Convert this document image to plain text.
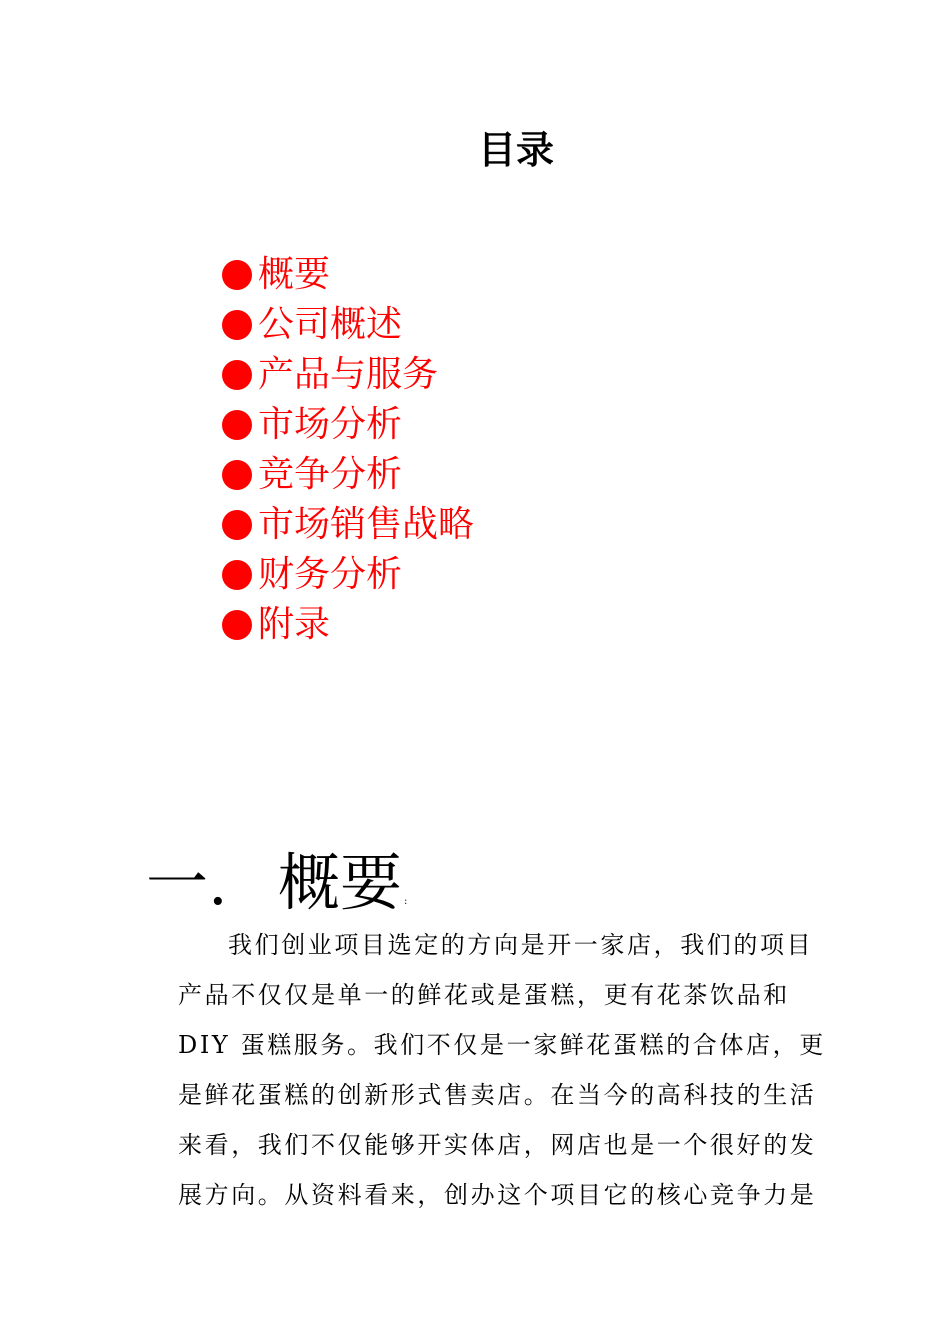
目录
概要
公司概述
产品与服务
市场分析
竞争分析
市场销售战略
财务分析
附录
一. 概要 :
我们创业项目选定的方向是开一家店，我们的项目
产品不仅仅是单一的鲜花或是蛋糕，更有花茶饮品和
DIY 蛋糕服务。我们不仅是一家鲜花蛋糕的合体店，更
是鲜花蛋糕的创新形式售卖店。在当今的高科技的生活
来看，我们不仅能够开实体店，网店也是一个很好的发
展方向。从资料看来，创办这个项目它的核心竞争力是
